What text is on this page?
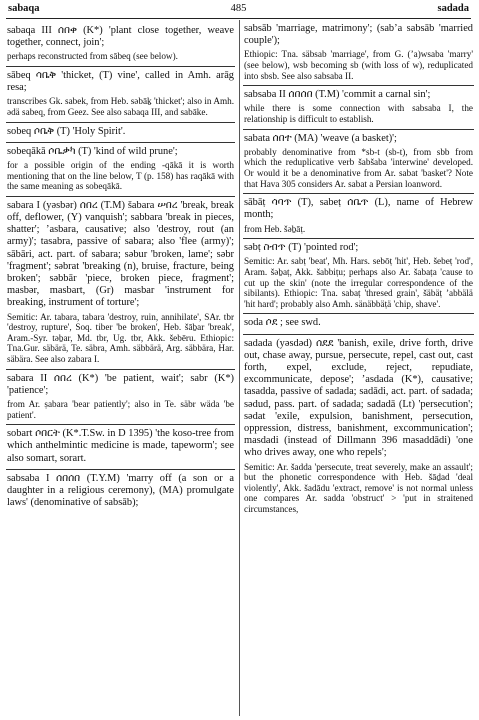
sabaqa	485	sadada

sabaqa III ሰበቀ (K*) 'plant close together, weave together, connect, join';

perhaps reconstructed from sābeq (see below).

sābeq ሳቤቅ 'thicket, (T) vine', called in Amh. arāg resa;

transcribes Gk. sabek, from Heb. səbāḵ 'thicket'; also in Amh. ədä sabeq, from Geez. See also sabaqa III, and sabāke.

sobeq ሶቤቅ (T) 'Holy Spirit'.

sobeqākā ሶቤቃካ (T) 'kind of wild prune';

for a possible origin of the ending -qākā it is worth mentioning that on the line below, T (p. 158) has raqākā with the same meaning as sobeqākā.

sabara I (yəsbər) ሰበረ (T.M) šabara ሠበረ 'break, break off, deflower, (Y) vanquish'; sabbara 'break in pieces, shatter'; ʼasbara, causative; also 'destroy, rout (an army)'; tasabra, passive of sabara; also 'flee (army)'; sābāri, act. part. of sabara; səbur 'broken, lame'; səbr 'fragment'; səbrat 'breaking (n), bruise, fracture, being broken'; səbbār 'piece, broken piece, fragment'; masbər, masbart, (Gr) masbar 'instrument for breaking, instrument of torture';

Semitic: Ar. tabara, tabara 'destroy, ruin, annihilate', SAr. tbr 'destroy, rupture', Soq. tiber 'be broken', Heb. šāḇar 'break', Aram.-Syr. təḇar, Md. tbr, Ug. tbr, Akk. šebēru. Ethiopic: Tna.Gur. säbärä, Te. säbra, Amh. säbbärä, Arg. säbbära, Har. säbära. See also zabara I.

sabara II ሰበረ (K*) 'be patient, wait'; sabr (K*) 'patience';

from Ar. ṣabara 'bear patiently'; also in Te. säbr wäda 'be patient'.

sobart ሶበርት (K*.T.Sw. in D 1395) 'the koso-tree from which anthelmintic medicine is made, tapeworm'; see also somart, sorart.

sabsaba I ሰበሰበ (T.Y.M) 'marry off (a son or a daughter in a religious ceremony), (MA) promulgate laws' (denominative of sabsāb);

sabsāb 'marriage, matrimony'; (sabʼa sabsāb 'married couple');

Ethiopic: Tna. säbsab 'marriage', from G. (ʼa)wsaba 'marry' (see below), wsb becoming sb (with loss of w), reduplicated into sbsb. See also sabsaba II.

sabsaba II ሰበሰበ (T.M) 'commit a carnal sin';

while there is some connection with sabsaba I, the relationship is difficult to establish.

sabata ሰበተ (MA) 'weave (a basket)';

probably denominative from *sb-t (sb-t), from sbb from which the reduplicative verb šabšaba 'interwine' developed. Or would it be a denominative from Ar. sabat 'basket'? Note that Hava 305 considers Ar. sabat a Persian loanword.

sābāṭ ሳባጥ (T), sabeṭ ሰቤጥ (L), name of Hebrew month;

from Heb. šəḇāṭ.

səbṭ ስብጥ (T) 'pointed rod';

Semitic: Ar. sabṭ 'beat', Mh. Hars. sebōṭ 'hit', Heb. šebeṭ 'rod', Aram. šəḇaṭ, Akk. šabbiṭu; perhaps also Ar. šabaṭa 'cause to cut up the skin' (note the irregular correspondence of the sibilants). Ethiopic: Tna. sabaṭ 'thresed grain', šäbäṭ ʼabbälä 'hit hard'; probably also Amh. sänäbbäṭä 'chip, shave'.

soda ሶደ ; see swd.

sadada (yəsdəd) ሰደደ 'banish, exile, drive forth, drive out, chase away, pursue, persecute, repel, cast out, cast forth, expel, exclude, reject, repudiate, excommunicate, depose'; ʼasdada (K*), causative; tasadda, passive of sadada; sadādi, act. part. of sadada; sədud, pass. part. of sadada; sadadā (Lt) 'persecution'; sədat 'exile, expulsion, banishment, persecution, oppression, distress, banishment, excommunication'; masdadi (instead of Dillmann 396 masaddādi) 'one who drives away, one who repels';

Semitic: Ar. šadda 'persecute, treat severely, make an assault'; but the phonetic correspondence with Heb. šāḏad 'deal violently', Akk. šadādu 'extract, remove' is not normal unless one compares Ar. sadda 'obstruct' > 'put in straitened circumstances,
